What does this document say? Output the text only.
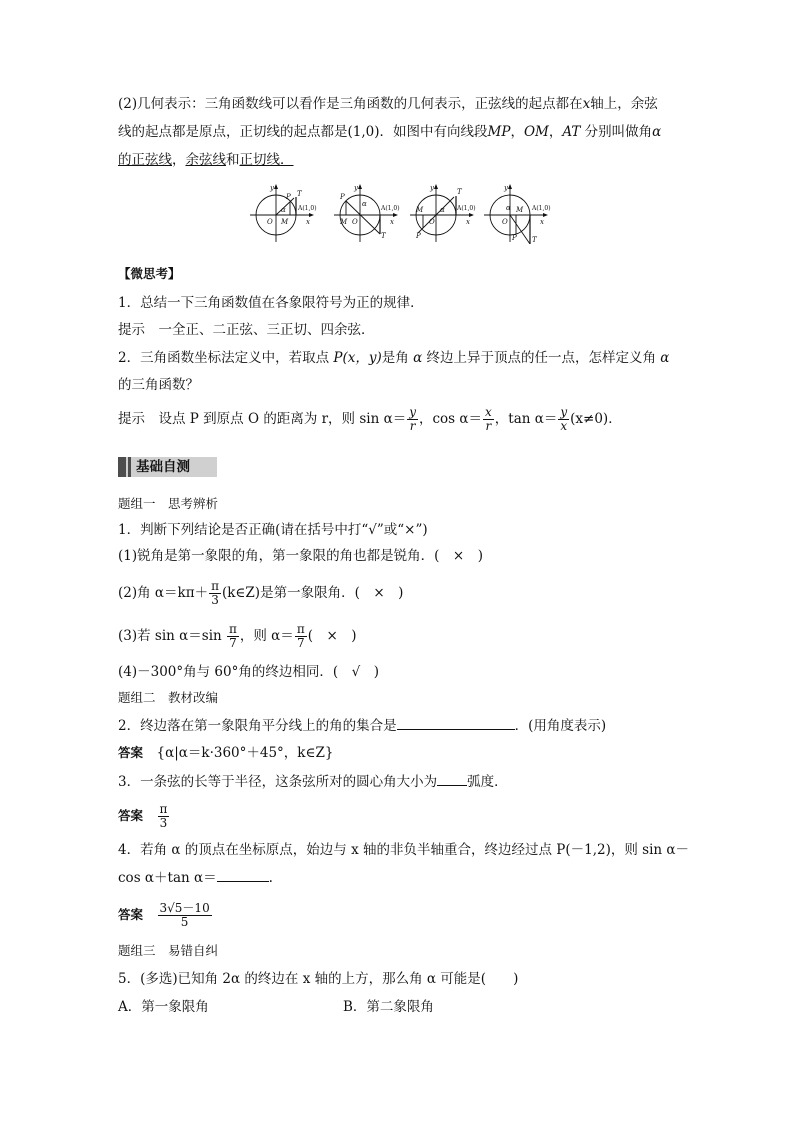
(2)几何表示：三角函数线可以看作是三角函数的几何表示，正弦线的起点都在x轴上，余弦
线的起点都是原点，正切线的起点都是(1,0)．如图中有向线段MP，OM，AT 分别叫做角α
的正弦线，余弦线和正切线．
y
x
O M
P T
α A(1,0)
y
x
M O
P
T
α
A(1,0)
y
x
M
O
P
T
α A(1,0)
y
x
O
M
P T
α	A(1,0)
【微思考】
1．总结一下三角函数值在各象限符号为正的规律．
提示　 一全正、二正弦、三正切、四余弦．
2．三角函数坐标法定义中，若取点 P(x，y)是角 α 终边上异于顶点的任一点，怎样定义角 α
的三角函数？
提示　 设点 P 到原点 O 的距离为 r，则 $\sin \alpha= \frac{y}{r}$ ，$\cos \alpha= \frac{x}{r}$ ，$\tan \alpha= \frac{y}{x} (x\ne 0)$．
基础自测
题组一　思考辨析
1．判断下列结论是否正确(请在括号中打“√”或“×”)
(1)锐角是第一象限的角，第一象限的角也都是锐角．(　×　)
(2)角 $\alpha=k\pi+ \frac{\pi}{3}$ (k∈Z)是第一象限角．(　×　)
(3)若 $\sin \alpha=\sin \frac{\pi}{7}$ ，则 $\alpha= \frac{\pi}{7}$ (　×　)
(4)－300°角与 60°角的终边相同．(　√　)
题组二　教材改编
2．终边落在第一象限角平分线上的角的集合是	．(用角度表示)
答案　 {α|α＝k·360°＋45°，k∈Z}
3．一条弦的长等于半径，这条弦所对的圆心角大小为 弧度．
答案　 $\frac{\pi}{3}$
4．若角 α 的顶点在坐标原点，始边与 x 轴的非负半轴重合，终边经过点 P(－1,2)，则 sin α－
cos α＋tan α＝	.
答案　 $\frac{3√5-10}{5}$
题组三　易错自纠
5．(多选)已知角 2α 的终边在 x 轴的上方，那么角 α 可能是(　　)
A．第一象限角	B．第二象限角
